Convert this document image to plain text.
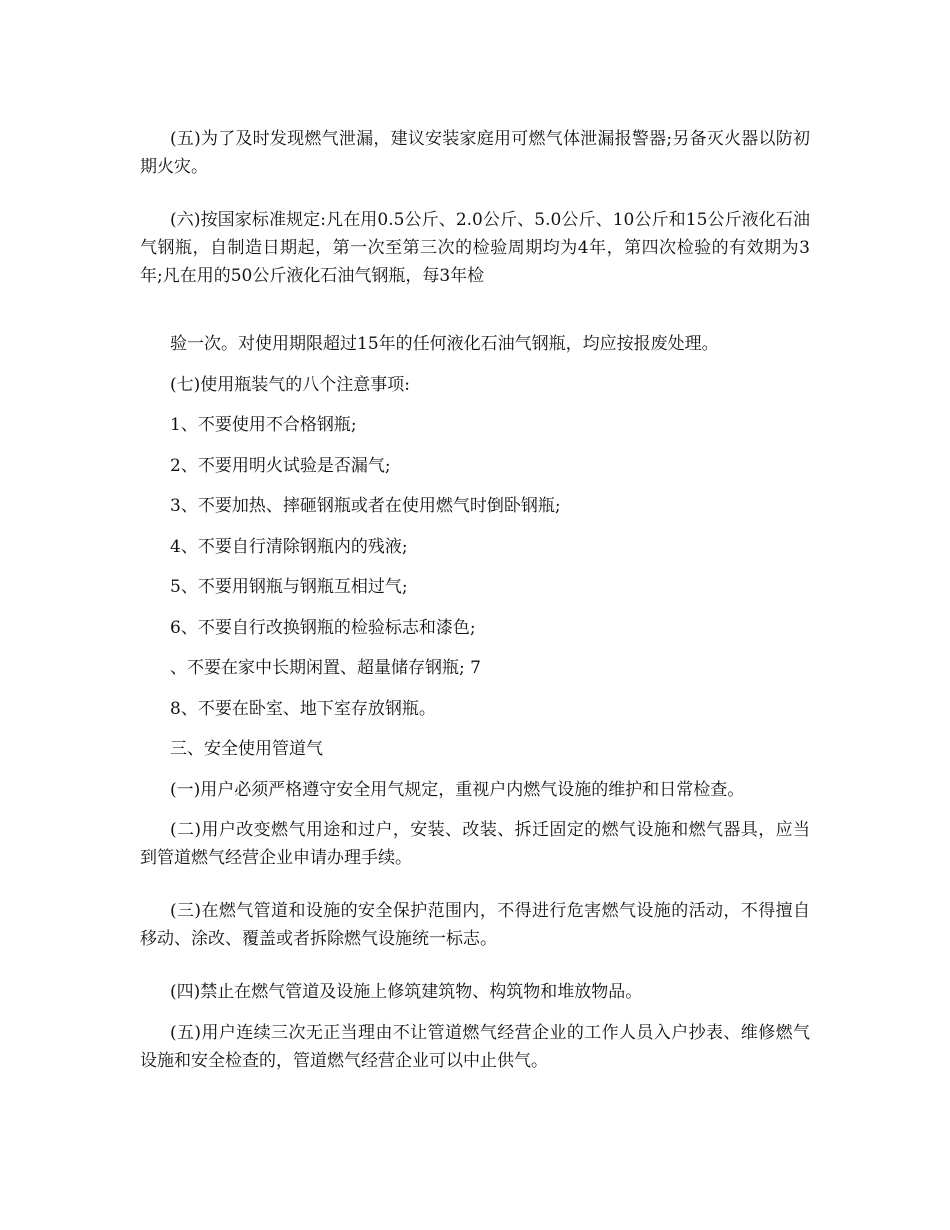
(五)为了及时发现燃气泄漏，建议安装家庭用可燃气体泄漏报警器;另备灭火器以防初期火灾。

(六)按国家标准规定:凡在用0.5公斤、2.0公斤、5.0公斤、10公斤和15公斤液化石油气钢瓶，自制造日期起，第一次至第三次的检验周期均为4年，第四次检验的有效期为3年;凡在用的50公斤液化石油气钢瓶，每3年检

验一次。对使用期限超过15年的任何液化石油气钢瓶，均应按报废处理。

(七)使用瓶装气的八个注意事项:

1、不要使用不合格钢瓶;

2、不要用明火试验是否漏气;

3、不要加热、摔砸钢瓶或者在使用燃气时倒卧钢瓶;

4、不要自行清除钢瓶内的残液;

5、不要用钢瓶与钢瓶互相过气;

6、不要自行改换钢瓶的检验标志和漆色;

、不要在家中长期闲置、超量储存钢瓶; 7

8、不要在卧室、地下室存放钢瓶。

三、安全使用管道气

(一)用户必须严格遵守安全用气规定，重视户内燃气设施的维护和日常检查。

(二)用户改变燃气用途和过户，安装、改装、拆迁固定的燃气设施和燃气器具，应当到管道燃气经营企业申请办理手续。

(三)在燃气管道和设施的安全保护范围内，不得进行危害燃气设施的活动，不得擅自移动、涂改、覆盖或者拆除燃气设施统一标志。

(四)禁止在燃气管道及设施上修筑建筑物、构筑物和堆放物品。

(五)用户连续三次无正当理由不让管道燃气经营企业的工作人员入户抄表、维修燃气设施和安全检查的，管道燃气经营企业可以中止供气。
